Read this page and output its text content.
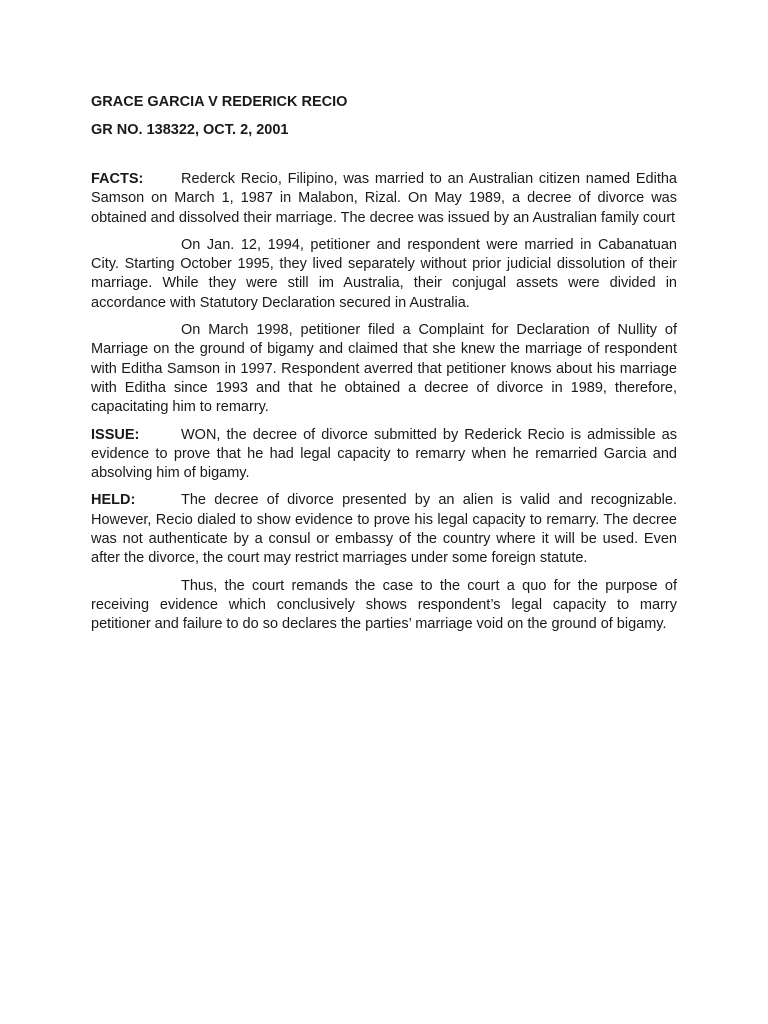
GRACE GARCIA V REDERICK RECIO

GR NO. 138322, OCT. 2, 2001

FACTS:	Rederck Recio, Filipino, was married to an Australian citizen named Editha Samson on March 1, 1987 in Malabon, Rizal. On May 1989, a decree of divorce was obtained and dissolved their marriage. The decree was issued by an Australian family court

On Jan. 12, 1994, petitioner and respondent were married in Cabanatuan City. Starting October 1995, they lived separately without prior judicial dissolution of their marriage. While they were still im Australia, their conjugal assets were divided in accordance with Statutory Declaration secured in Australia.

On March 1998, petitioner filed a Complaint for Declaration of Nullity of Marriage on the ground of bigamy and claimed that she knew the marriage of respondent with Editha Samson in 1997. Respondent averred that petitioner knows about his marriage with Editha since 1993 and that he obtained a decree of divorce in 1989, therefore, capacitating him to remarry.

ISSUE:	WON, the decree of divorce submitted by Rederick Recio is admissible as evidence to prove that he had legal capacity to remarry when he remarried Garcia and absolving him of bigamy.

HELD:	The decree of divorce presented by an alien is valid and recognizable. However, Recio dialed to show evidence to prove his legal capacity to remarry. The decree was not authenticate by a consul or embassy of the country where it will be used. Even after the divorce, the court may restrict marriages under some foreign statute.

Thus, the court remands the case to the court a quo for the purpose of receiving evidence which conclusively shows respondent’s legal capacity to marry petitioner and failure to do so declares the parties’ marriage void on the ground of bigamy.
